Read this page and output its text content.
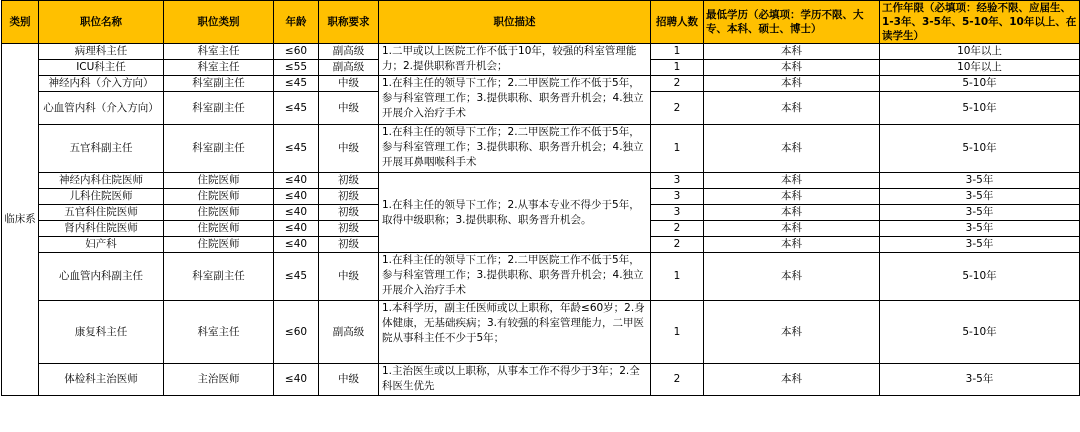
类别	职位名称	职位类别	年龄	职称要求	职位描述	招聘人数	最低学历（必填项：学历不限、大专、本科、硕士、博士）	工作年限（必填项：经验不限、应届生、1-3年、3-5年、5-10年、10年以上、在读学生）
临床系	病理科主任	科室主任	≤60	副高级	1.二甲或以上医院工作不低于10年，较强的科室管理能力；2.提供职称晋升机会；	1	本科	10年以上
	ICU科主任	科室主任	≤55	副高级		1	本科	10年以上
	神经内科（介入方向）	科室副主任	≤45	中级	1.在科主任的领导下工作；2.二甲医院工作不低于5年，参与科室管理工作；3.提供职称、职务晋升机会；4.独立开展介入治疗手术	2	本科	5-10年
	心血管内科（介入方向）	科室副主任	≤45	中级		2	本科	5-10年
	五官科副主任	科室副主任	≤45	中级	1.在科主任的领导下工作；2.二甲医院工作不低于5年，参与科室管理工作；3.提供职称、职务晋升机会；4.独立开展耳鼻咽喉科手术	1	本科	5-10年
	神经内科住院医师	住院医师	≤40	初级	1.在科主任的领导下工作；2.从事本专业不得少于5年，取得中级职称；3.提供职称、职务晋升机会。	3	本科	3-5年
	儿科住院医师	住院医师	≤40	初级		3	本科	3-5年
	五官科住院医师	住院医师	≤40	初级		3	本科	3-5年
	肾内科住院医师	住院医师	≤40	初级		2	本科	3-5年
	妇产科	住院医师	≤40	初级		2	本科	3-5年
	心血管内科副主任	科室副主任	≤45	中级	1.在科主任的领导下工作；2.二甲医院工作不低于5年，参与科室管理工作；3.提供职称、职务晋升机会；4.独立开展介入治疗手术	1	本科	5-10年
	康复科主任	科室主任	≤60	副高级	1.本科学历，副主任医师或以上职称，年龄≤60岁；2.身体健康，无基础疾病；3.有较强的科室管理能力，二甲医院从事科主任不少于5年；	1	本科	5-10年
	体检科主治医师	主治医师	≤40	中级	1.主治医生或以上职称，从事本工作不得少于3年；2.全科医生优先	2	本科	3-5年
